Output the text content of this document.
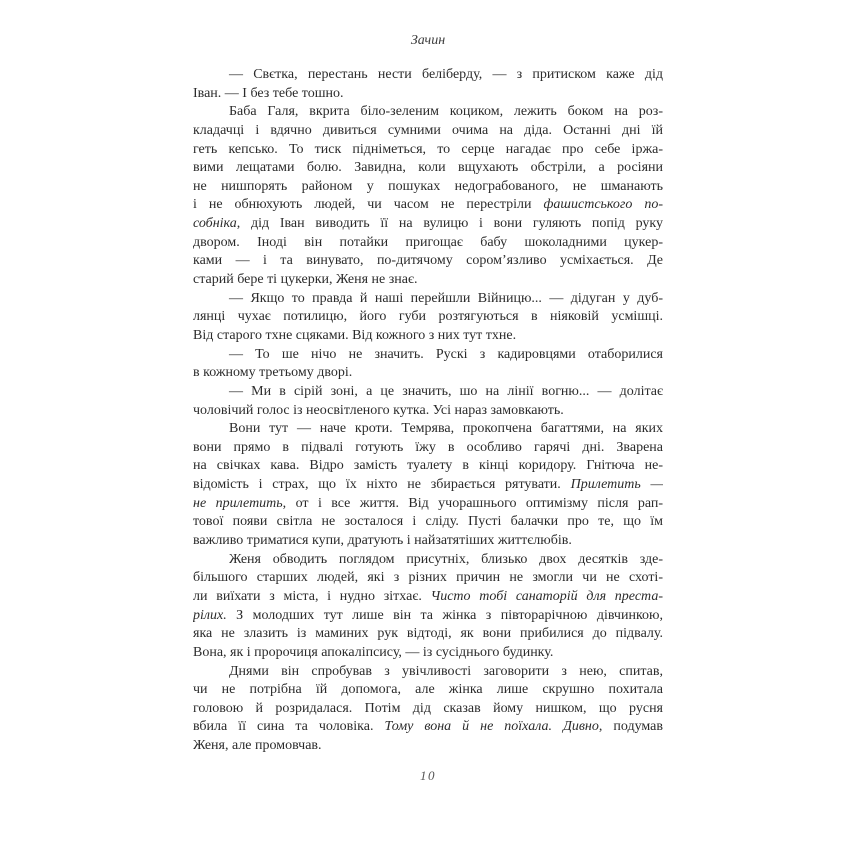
Зачин
— Свєтка, перестань нести беліберду, — з притиском каже дід
Іван. — І без тебе тошно.
Баба Галя, вкрита біло-зеленим коциком, лежить боком на роз-
кладачці і вдячно дивиться сумними очима на діда. Останні дні їй
геть кепсько. То тиск підніметься, то серце нагадає про себе іржа-
вими лещатами болю. Завидна, коли вщухають обстріли, а росіяни
не нишпорять районом у пошуках недограбованого, не шманають
і не обнюхують людей, чи часом не перестріли фашистського по-
собніка, дід Іван виводить її на вулицю і вони гуляють попід руку
двором. Іноді він потайки пригощає бабу шоколадними цукер-
ками — і та винувато, по-дитячому сором’язливо усміхається. Де
старий бере ті цукерки, Женя не знає.
— Якщо то правда й наші перейшли Війницю... — дідуган у дуб-
лянці чухає потилицю, його губи розтягуються в ніяковій усмішці.
Від старого тхне сцяками. Від кожного з них тут тхне.
— То ше нічо не значить. Рускі з кадировцями отаборилися
в кожному третьому дворі.
— Ми в сірій зоні, а це значить, шо на лінії вогню... — долітає
чоловічий голос із неосвітленого кутка. Усі нараз замовкають.
Вони тут — наче кроти. Темрява, прокопчена багаттями, на яких
вони прямо в підвалі готують їжу в особливо гарячі дні. Зварена
на свічках кава. Відро замість туалету в кінці коридору. Гнітюча не-
відомість і страх, що їх ніхто не збирається рятувати. Прилетить —
не прилетить, от і все життя. Від учорашнього оптимізму після рап-
тової появи світла не зосталося і сліду. Пусті балачки про те, що їм
важливо триматися купи, дратують і найзатятіших життєлюбів.
Женя обводить поглядом присутніх, близько двох десятків зде-
більшого старших людей, які з різних причин не змогли чи не схоті-
ли виїхати з міста, і нудно зітхає. Чисто тобі санаторій для преста-
рілих. З молодших тут лише він та жінка з півторарічною дівчинкою,
яка не злазить із маминих рук відтоді, як вони прибилися до підвалу.
Вона, як і пророчиця апокаліпсису, — із сусіднього будинку.
Днями він спробував з увічливості заговорити з нею, спитав,
чи не потрібна їй допомога, але жінка лише скрушно похитала
головою й розридалася. Потім дід сказав йому нишком, що русня
вбила її сина та чоловіка. Тому вона й не поїхала. Дивно, подумав
Женя, але промовчав.
10
